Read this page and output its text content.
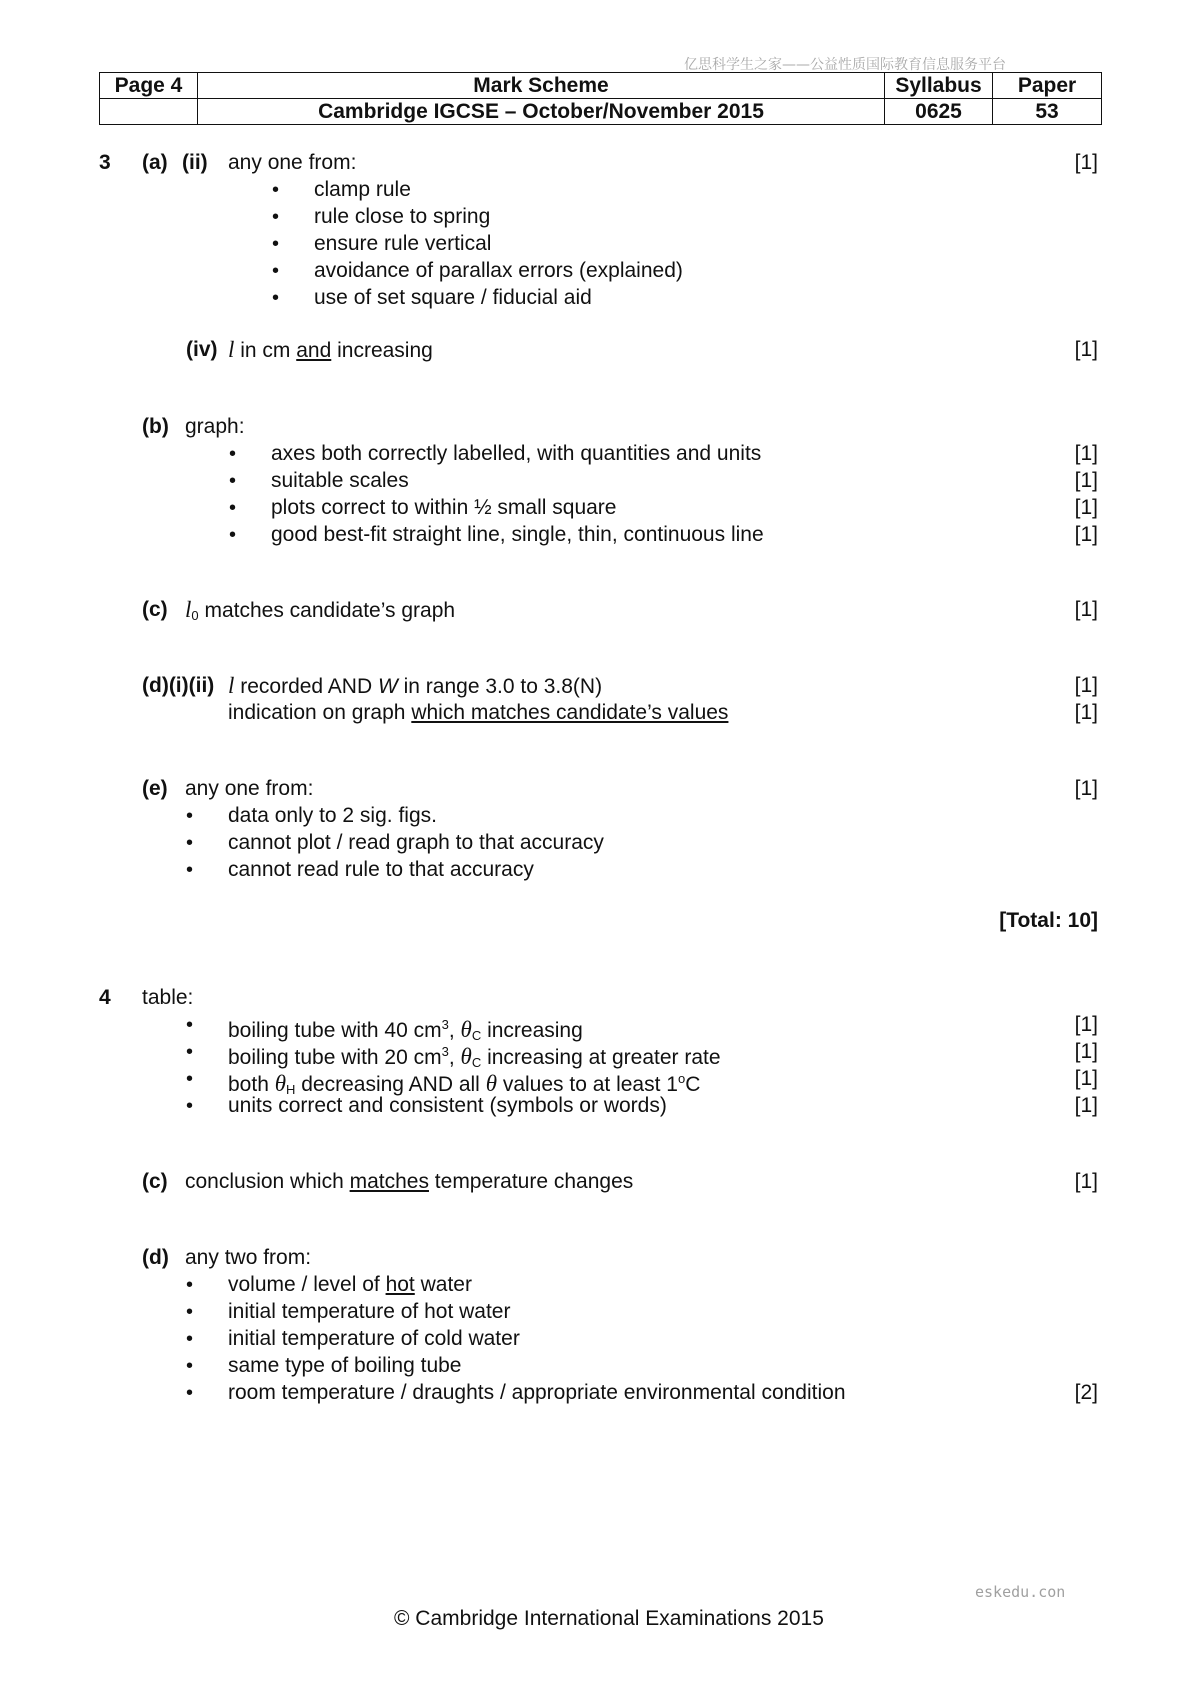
亿思科学生之家——公益性质国际教育信息服务平台
Page 4	Mark Scheme	Syllabus	Paper
	Cambridge IGCSE – October/November 2015	0625	53
3 (a) (ii) any one from:	[1]
• clamp rule
• rule close to spring
• ensure rule vertical
• avoidance of parallax errors (explained)
• use of set square / fiducial aid
(iv) l in cm and increasing	[1]
(b) graph:
• axes both correctly labelled, with quantities and units	[1]
• suitable scales	[1]
• plots correct to within ½ small square	[1]
• good best-fit straight line, single, thin, continuous line	[1]
(c) $l_0$ matches candidate’s graph	[1]
(d)(i)(ii) l recorded AND W in range 3.0 to 3.8(N)	[1]
indication on graph which matches candidate’s values	[1]
(e) any one from:	[1]
• data only to 2 sig. figs.
• cannot plot / read graph to that accuracy
• cannot read rule to that accuracy
[Total: 10]
4 table:
• boiling tube with 40 $cm^3$, $\theta_C$ increasing	[1]
• boiling tube with 20 $cm^3$, $\theta_C$ increasing at greater rate	[1]
• both $\theta_H$ decreasing AND all θ values to at least 1$^o$C	[1]
• units correct and consistent (symbols or words)	[1]
(c) conclusion which matches temperature changes	[1]
(d) any two from:
• volume / level of hot water
• initial temperature of hot water
• initial temperature of cold water
• same type of boiling tube
• room temperature / draughts / appropriate environmental condition	[2]
eskedu.con
© Cambridge International Examinations 2015
